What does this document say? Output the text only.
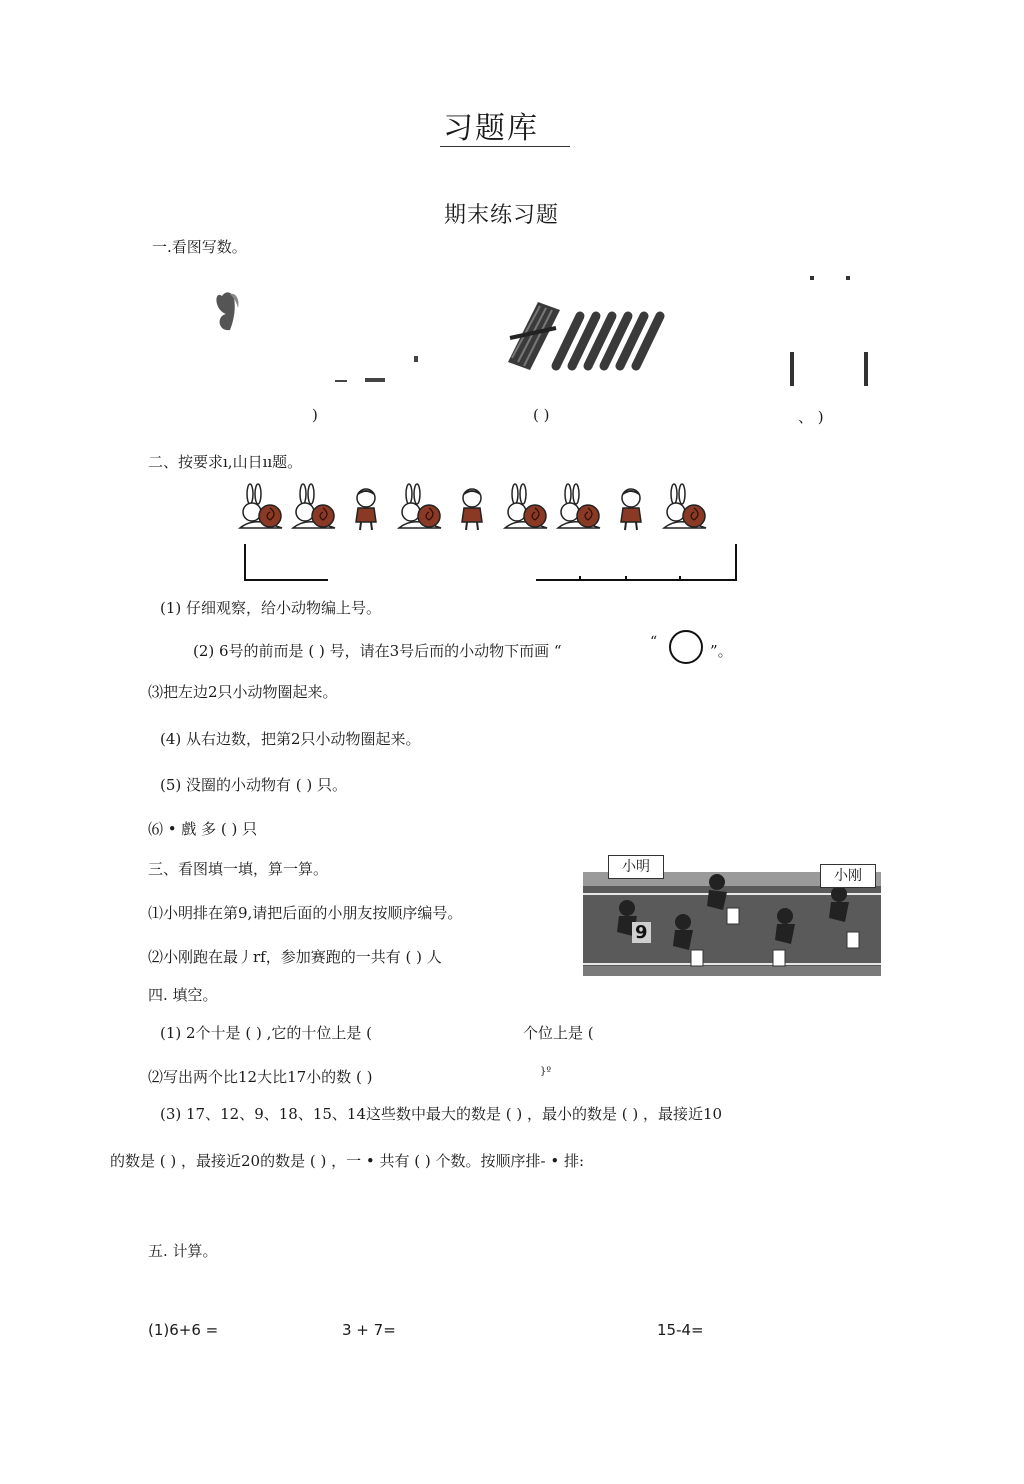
习题库
期末练习题
一.看图写数。
)	( )	、 )
二、按要求ı,山日ıı题。
(1) 仔细观察，给小动物编上号。
(2) 6号的前而是 ( ) 号，请在3号后而的小动物下而画 “	“	”。
⑶把左边2只小动物圈起来。
(4) 从右边数，把第2只小动物圈起来。
(5) 没圈的小动物有 ( ) 只。
⑹ • 戲 多 ( ) 只
三、看图填一填，算一算。
⑴小明排在第9,请把后面的小朋友按顺序编号。
⑵小刚跑在最丿rf，参加赛跑的一共有 ( ) 人
小明
小刚
9
四. 填空。
(1) 2个十是 ( ) ,它的十位上是 (	个位上是 (
⑵写出两个比12大比17小的数 ( )	}º
(3) 17、12、9、18、15、14这些数中最大的数是 ( ) ，最小的数是 ( ) ，最接近10
的数是 ( ) ，最接近20的数是 ( ) ，一 • 共有 ( ) 个数。按顺序排- • 排:
五. 计算。
(1)6+6 =	3 + 7=	15-4=
